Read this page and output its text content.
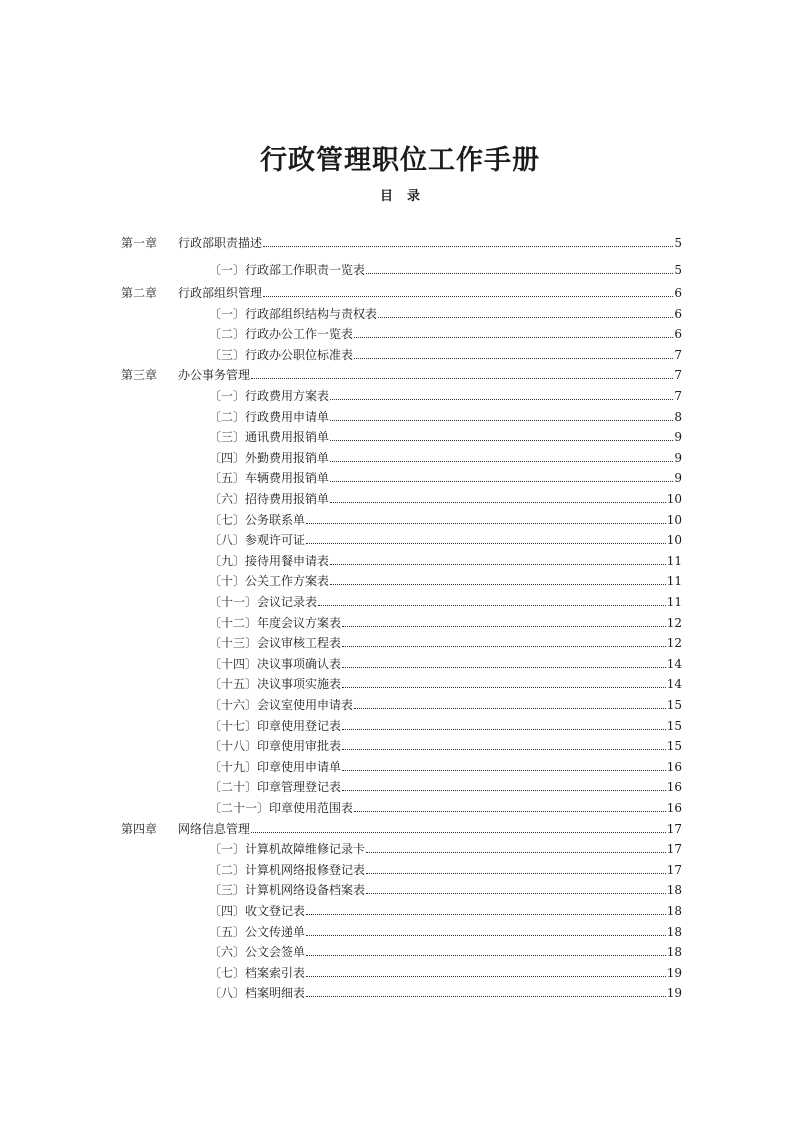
行政管理职位工作手册
目 录
第一章 行政部职责描述	5
〔一〕行政部工作职责一览表	5
第二章 行政部组织管理	6
〔一〕行政部组织结构与责权表	6
〔二〕行政办公工作一览表	6
〔三〕行政办公职位标准表	7
第三章 办公事务管理	7
〔一〕行政费用方案表	7
〔二〕行政费用申请单	8
〔三〕通讯费用报销单	9
〔四〕外勤费用报销单	9
〔五〕车辆费用报销单	9
〔六〕招待费用报销单	10
〔七〕公务联系单	10
〔八〕参观许可证	10
〔九〕接待用餐申请表	11
〔十〕公关工作方案表	11
〔十一〕会议记录表	11
〔十二〕年度会议方案表	12
〔十三〕会议审核工程表	12
〔十四〕决议事项确认表	14
〔十五〕决议事项实施表	14
〔十六〕会议室使用申请表	15
〔十七〕印章使用登记表	15
〔十八〕印章使用审批表	15
〔十九〕印章使用申请单	16
〔二十〕印章管理登记表	16
〔二十一〕印章使用范围表	16
第四章 网络信息管理	17
〔一〕计算机故障维修记录卡	17
〔二〕计算机网络报修登记表	17
〔三〕计算机网络设备档案表	18
〔四〕收文登记表	18
〔五〕公文传递单	18
〔六〕公文会签单	18
〔七〕档案索引表	19
〔八〕档案明细表	19
